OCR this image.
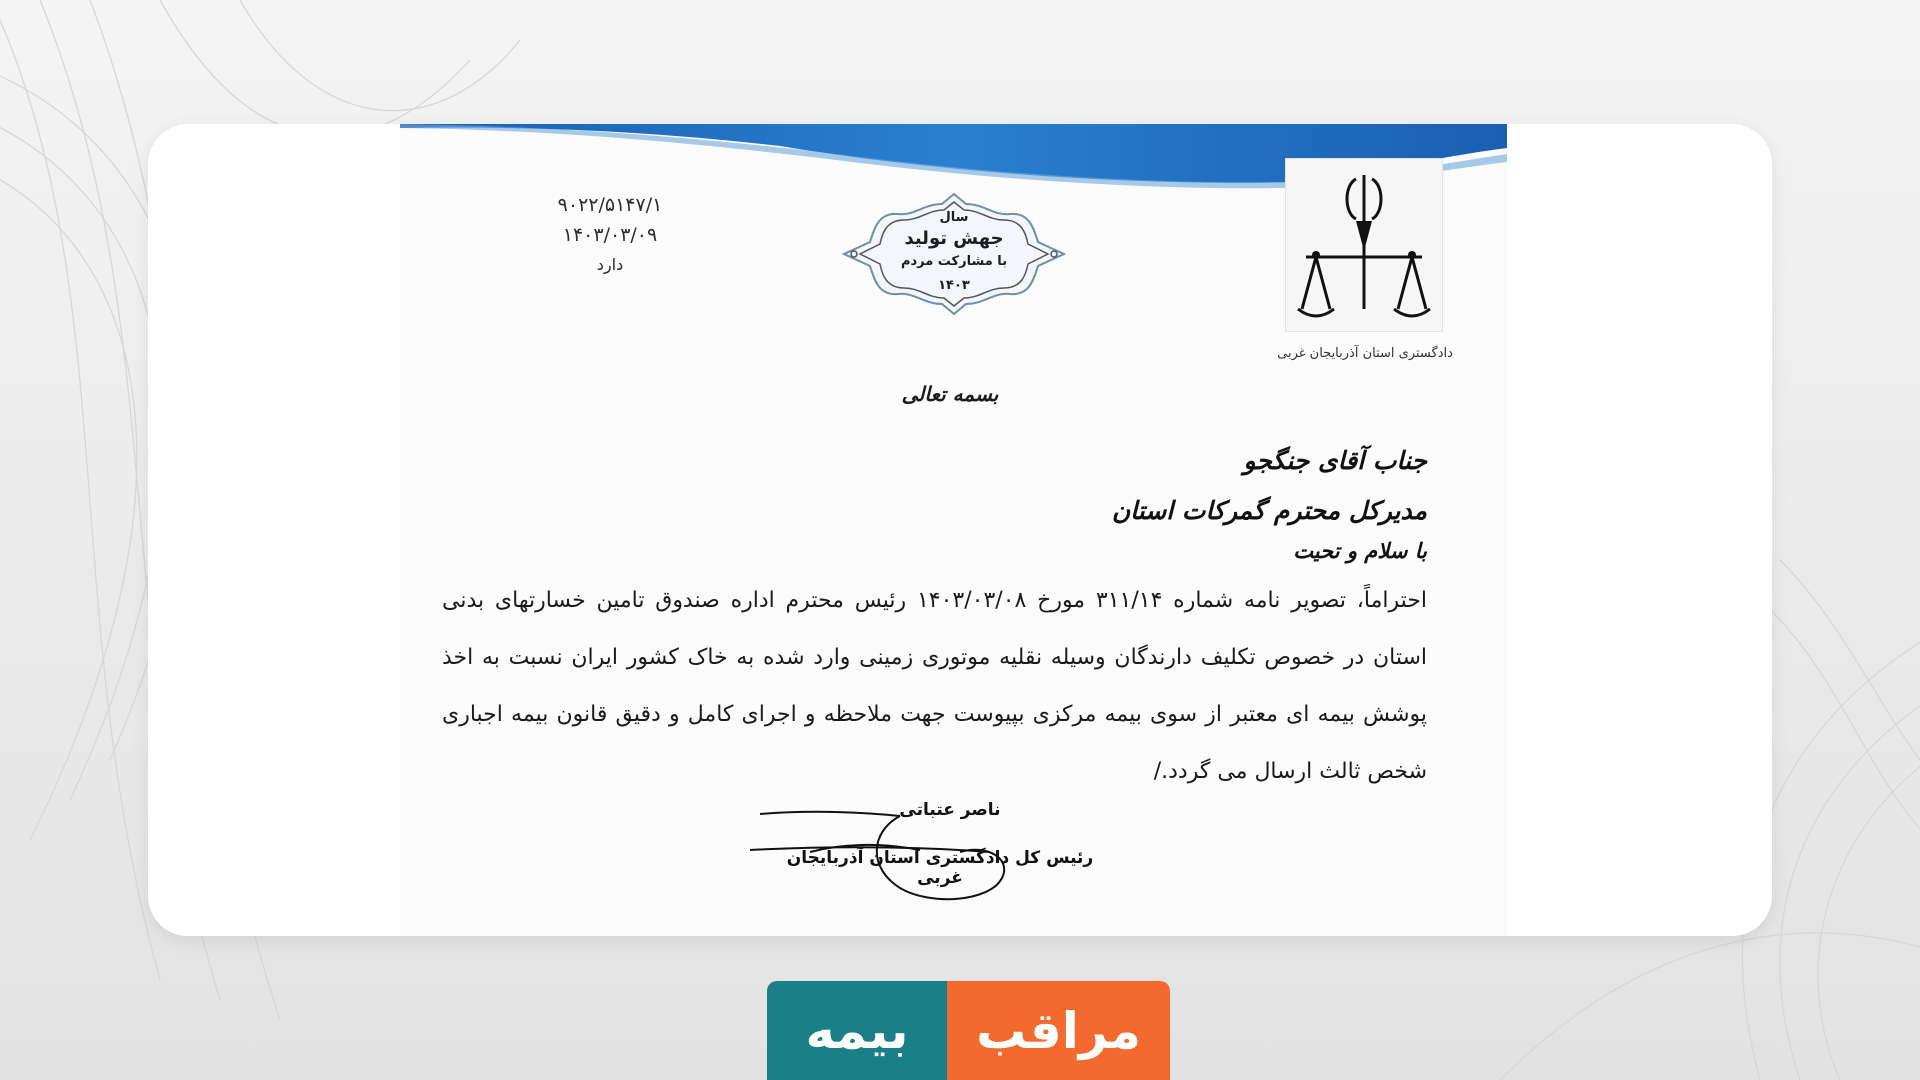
دادگستری استان آذربایجان غربی
سال
جهش تولید
با مشارکت مردم
۱۴۰۳
۹۰۲۲/۵۱۴۷/۱
۱۴۰۳/۰۳/۰۹
دارد
بسمه تعالی
جناب آقای جنگجو
مدیرکل محترم گمرکات استان
با سلام و تحیت
احتراماً، تصویر نامه شماره ۳۱۱/۱۴ مورخ ۱۴۰۳/۰۳/۰۸ رئیس محترم اداره صندوق تامین خسارتهای بدنی استان در خصوص تکلیف دارندگان وسیله نقلیه موتوری زمینی وارد شده به خاک کشور ایران نسبت به اخذ پوشش بیمه ای معتبر از سوی بیمه مرکزی بپیوست جهت ملاحظه و اجرای کامل و دقیق قانون بیمه اجباری شخص ثالث ارسال می گردد./
ناصر عتباتی
رئیس کل دادگستری استان آذربایجان غربی
بیمه	مراقب
